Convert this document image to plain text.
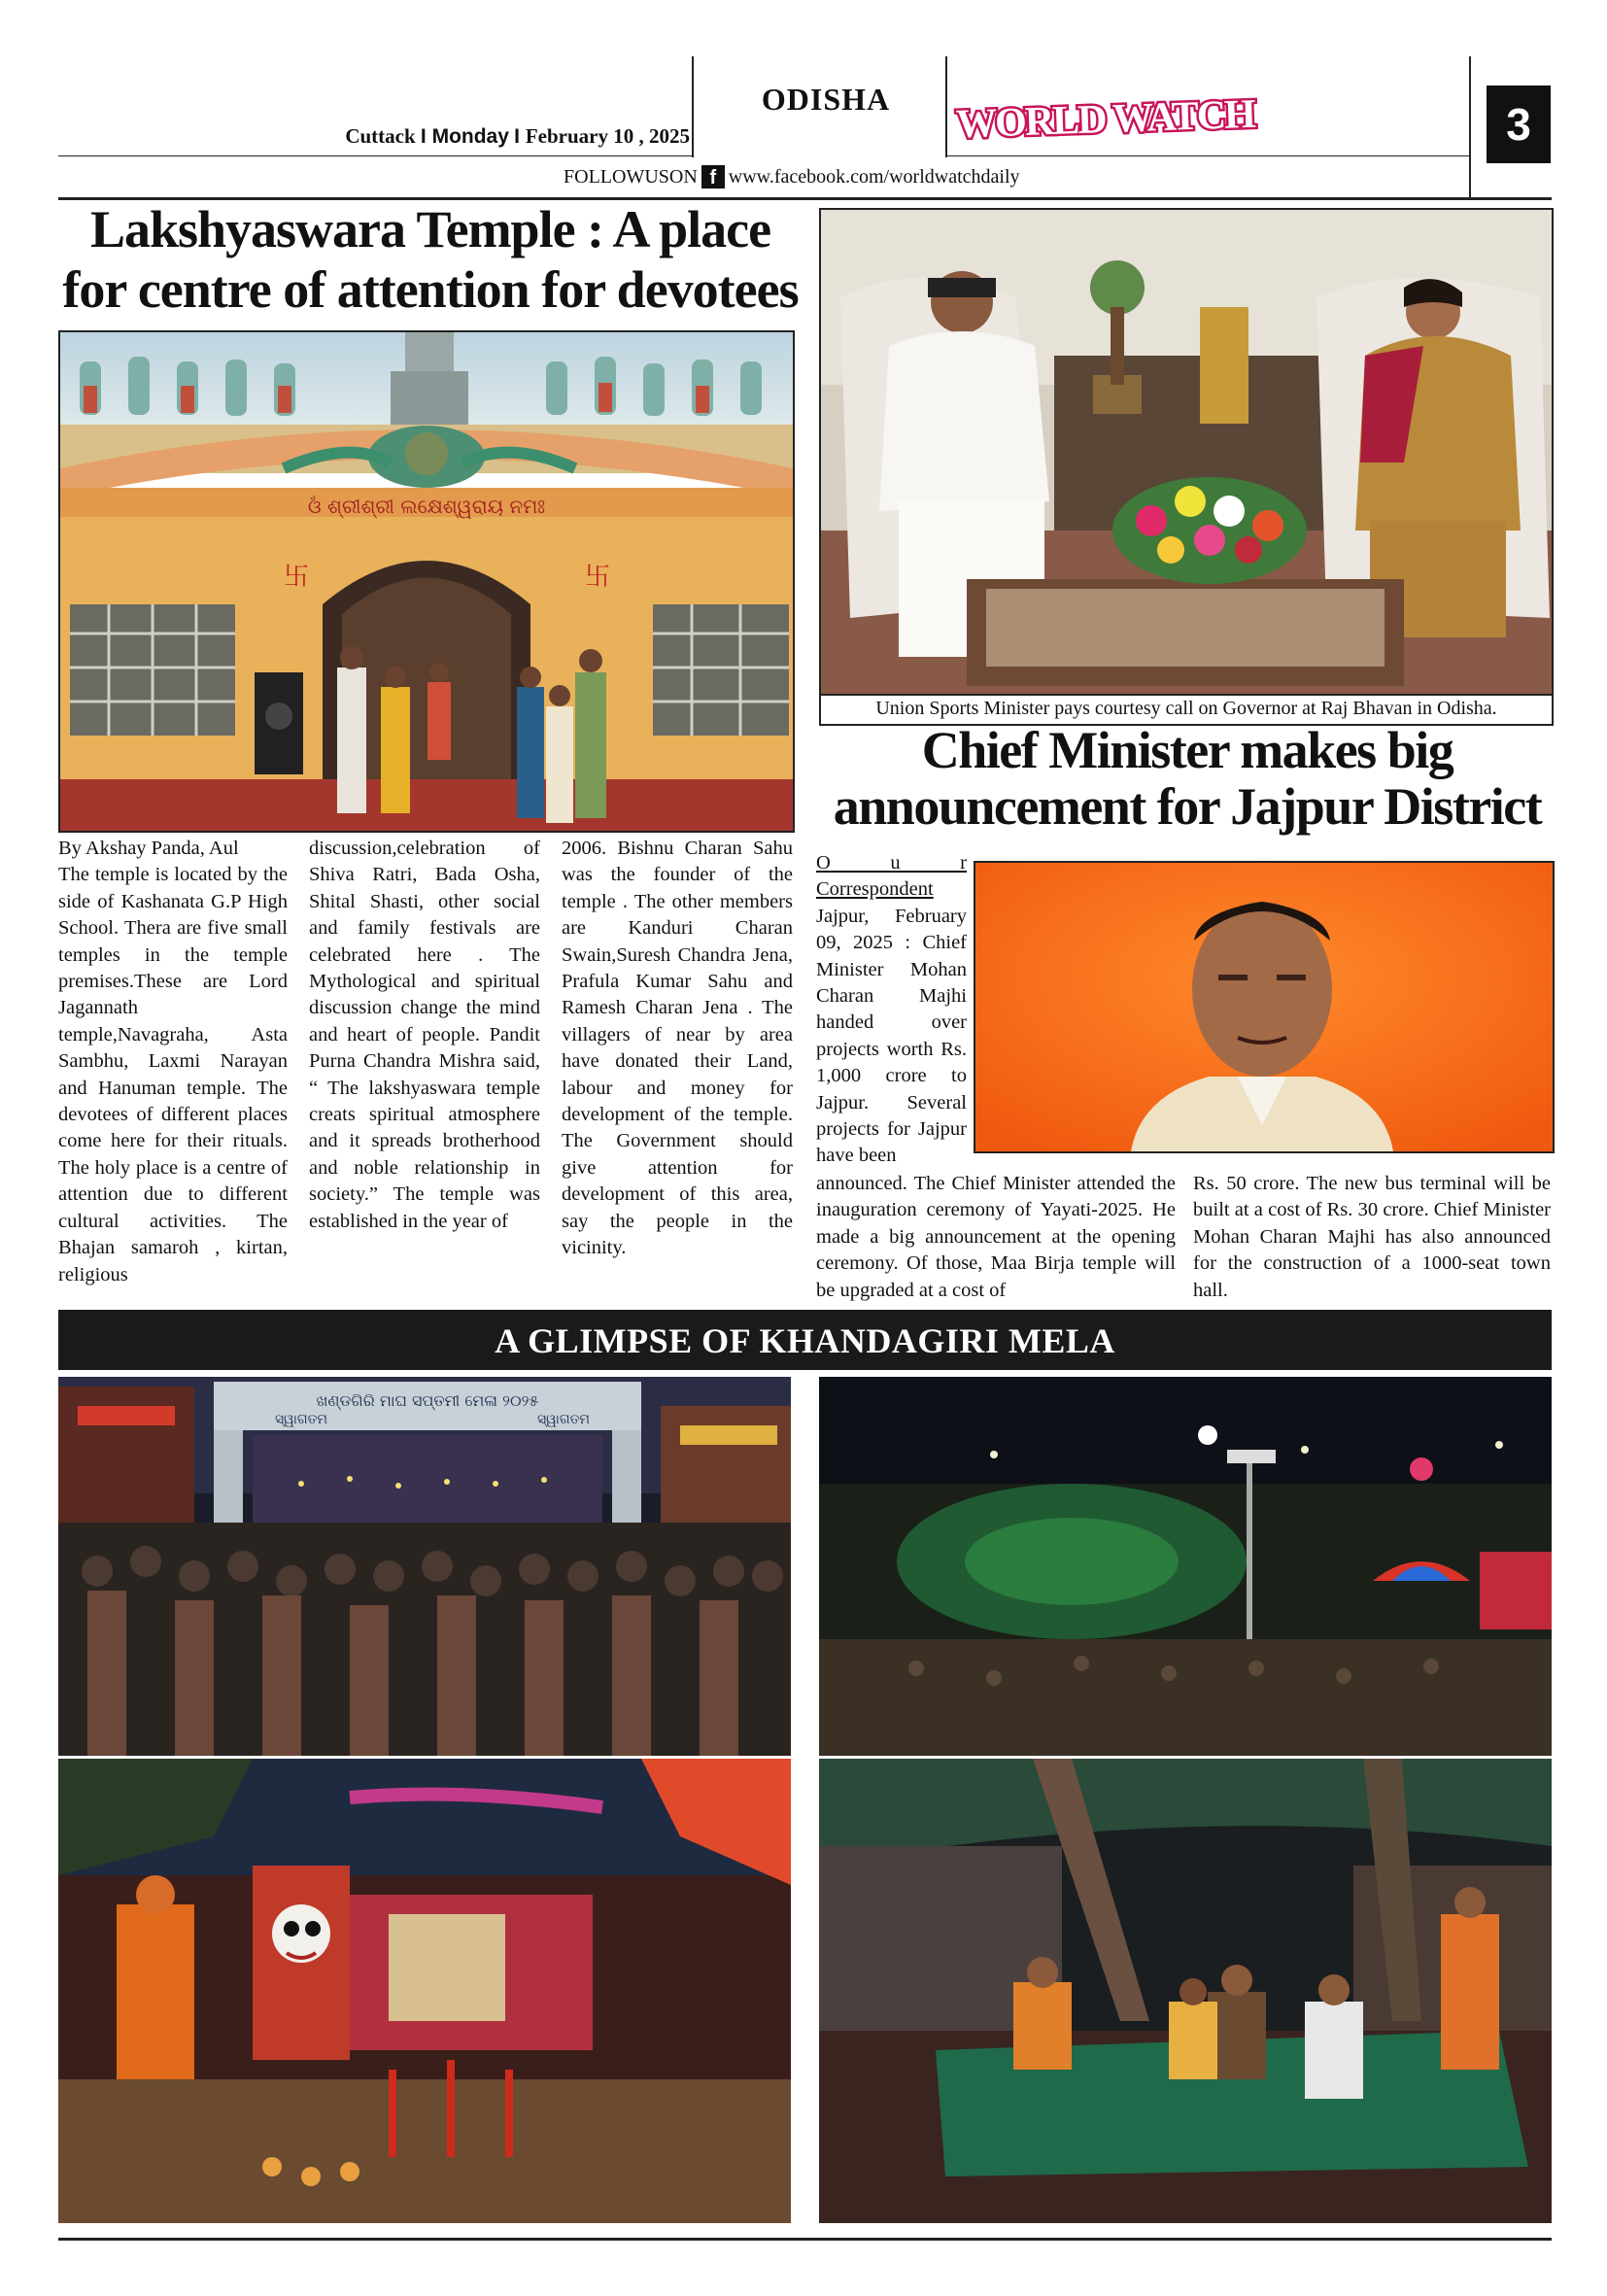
Cuttack I Monday I February 10 , 2025
ODISHA	WORLD WATCH	3
FOLLOWUSON f www.facebook.com/worldwatchdaily
Lakshyaswara Temple : A place
for centre of attention for devotees
ଓଁ ଶ୍ରୀଶ୍ରୀ ଲକ୍ଷେଶ୍ୱରାୟ ନମଃ
卐	卐

By Akshay Panda, Aul

The temple is located by the side of Kashanata G.P High School. Thera are five small temples in the temple premises.These are Lord Jagannath temple,Navagraha, Asta Sambhu, Laxmi Narayan and Hanuman temple. The devotees of different places come here for their rituals. The holy place is a centre of attention due to different cultural activities. The Bhajan samaroh , kirtan, religious

discussion,celebration of Shiva Ratri, Bada Osha, Shital Shasti, other social and family festivals are celebrated here . The Mythological and spiritual discussion change the mind and heart of people. Pandit Purna Chandra Mishra said, “ The lakshyaswara temple creats spiritual atmosphere and it spreads brotherhood and noble relationship in society.” The temple was established in the year of

2006. Bishnu Charan Sahu was the founder of the temple . The other members are Kanduri Charan Swain,Suresh Chandra Jena, Prafula Kumar Sahu and Ramesh Charan Jena . The villagers of near by area have donated their Land, labour and money for development of the temple. The Government should give attention for development of this area, say the people in the vicinity.

Union Sports Minister pays courtesy call on Governor at Raj Bhavan in Odisha.
Chief Minister makes big
announcement for Jajpur District

O u r Correspondent

Jajpur, February 09, 2025 : Chief Minister Mohan Charan Majhi handed over projects worth Rs. 1,000 crore to Jajpur. Several projects for Jajpur have been

announced. The Chief Minister attended the inauguration ceremony of Yayati-2025. He made a big announcement at the opening ceremony. Of those, Maa Birja temple will be upgraded at a cost of

Rs. 50 crore. The new bus terminal will be built at a cost of Rs. 30 crore. Chief Minister Mohan Charan Majhi has also announced for the construction of a 1000-seat town hall.

A GLIMPSE OF KHANDAGIRI MELA
ଖଣ୍ଡଗିରି ମାଘ ସପ୍ତମୀ ମେଳା ୨୦୨୫
ସ୍ୱାଗତମ	ସ୍ୱାଗତମ
